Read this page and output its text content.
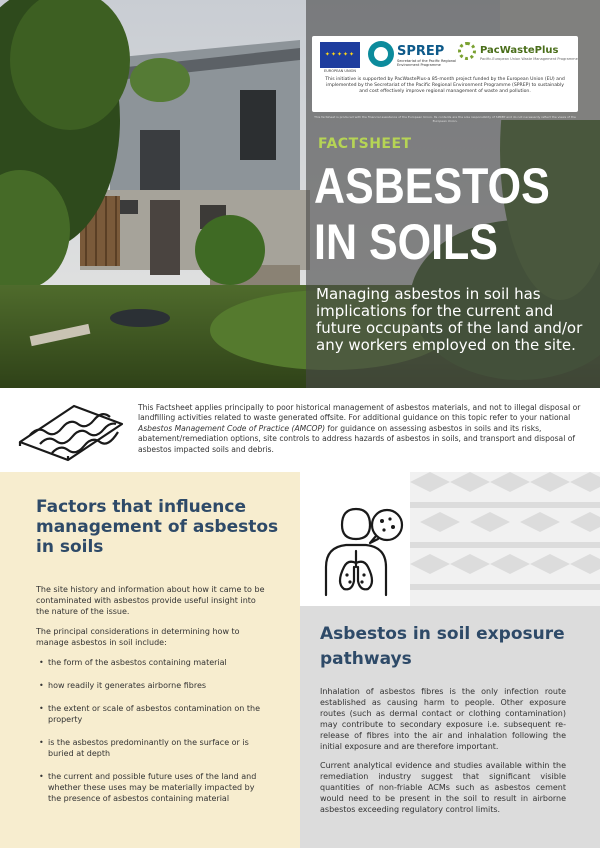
✦✦✦✦✦
EUROPEAN UNION
SPREP
Secretariat of the Pacific Regional Environment Programme
PacWastePlus
Pacific-European Union Waste Management Programme
This initiative is supported by PacWastePlus-a 85-month project funded by the European Union (EU) and implemented by the Secretariat of the Pacific Regional Environment Programme (SPREP) to sustainably and cost effectively improve regional management of waste and pollution.
This factsheet is produced with the financial assistance of the European Union. Its contents are the sole responsibility of SPREP and do not necessarily reflect the views of the European Union.
FACTSHEET
ASBESTOS
IN SOILS
Managing asbestos in soil has implications for the current and future occupants of the land and/or any workers employed on the site.
This Factsheet applies principally to poor historical management of asbestos materials, and not to illegal disposal or landfilling activities related to waste generated offsite. For additional guidance on this topic refer to your national Asbestos Management Code of Practice (AMCOP) for guidance on assessing asbestos in soils and its risks, abatement/remediation options, site controls to address hazards of asbestos in soils, and transport and disposal of asbestos impacted soils and debris.
Factors that influence management of asbestos in soils

The site history and information about how it came to be contaminated with asbestos provide useful insight into the nature of the issue.

The principal considerations in determining how to manage asbestos in soil include:

• the form of the asbestos containing material
• how readily it generates airborne fibres
• the extent or scale of asbestos contamination on the property
• is the asbestos predominantly on the surface or is buried at depth
• the current and possible future uses of the land and whether these uses may be materially impacted by the presence of asbestos containing material
Asbestos in soil exposure pathways

Inhalation of asbestos fibres is the only infection route established as causing harm to people. Other exposure routes (such as dermal contact or clothing contamination) may contribute to secondary exposure i.e. subsequent re-release of fibres into the air and inhalation following the initial exposure and are therefore important.

Current analytical evidence and studies available within the remediation industry suggest that significant visible quantities of non-friable ACMs such as asbestos cement would need to be present in the soil to result in airborne asbestos exceeding regulatory control limits.
